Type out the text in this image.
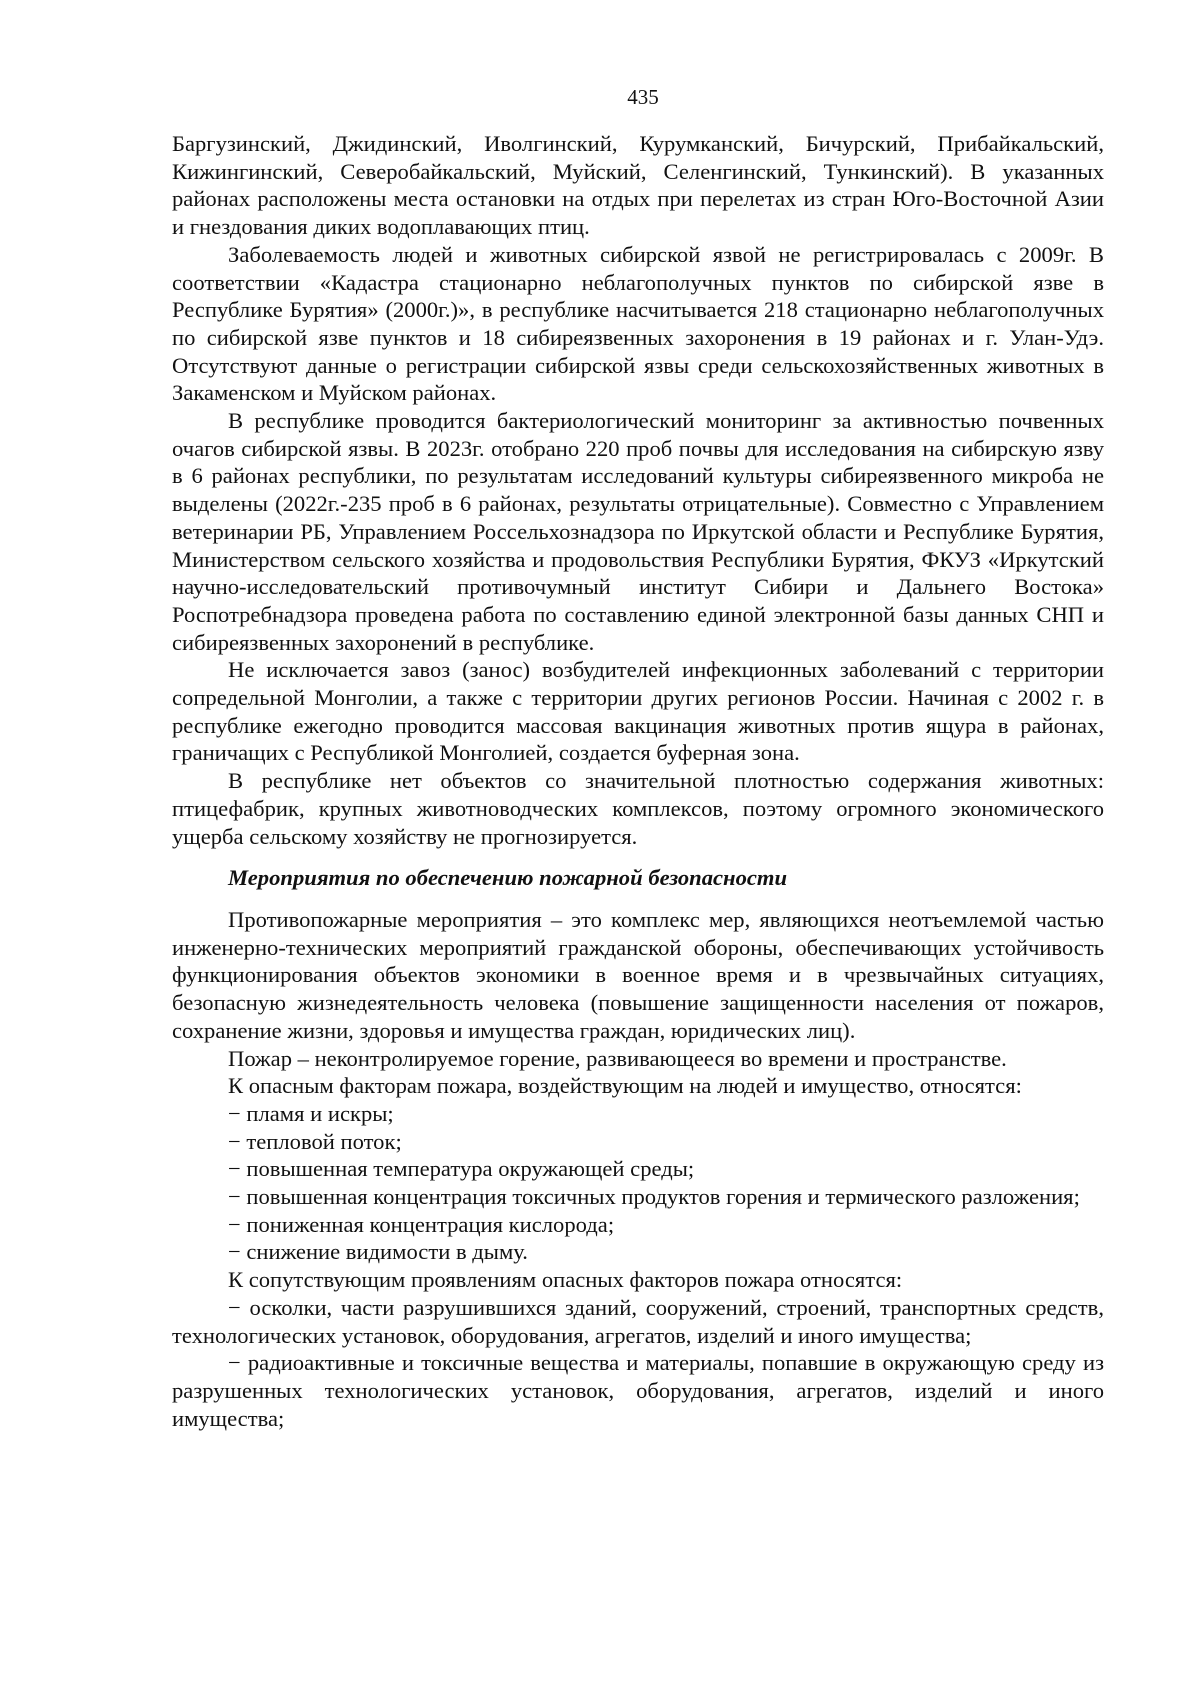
435

Баргузинский, Джидинский, Иволгинский, Курумканский, Бичурский, Прибайкальский, Кижингинский, Северобайкальский, Муйский, Селенгинский, Тункинский). В указанных районах расположены места остановки на отдых при перелетах из стран Юго-Восточной Азии и гнездования диких водоплавающих птиц.

Заболеваемость людей и животных сибирской язвой не регистрировалась с 2009г. В соответствии «Кадастра стационарно неблагополучных пунктов по сибирской язве в Республике Бурятия» (2000г.)», в республике насчитывается 218 стационарно неблагополучных по сибирской язве пунктов и 18 сибиреязвенных захоронения в 19 районах и г. Улан-Удэ. Отсутствуют данные о регистрации сибирской язвы среди сельскохозяйственных животных в Закаменском и Муйском районах.

В республике проводится бактериологический мониторинг за активностью почвенных очагов сибирской язвы. В 2023г. отобрано 220 проб почвы для исследования на сибирскую язву в 6 районах республики, по результатам исследований культуры сибиреязвенного микроба не выделены (2022г.-235 проб в 6 районах, результаты отрицательные). Совместно с Управлением ветеринарии РБ, Управлением Россельхознадзора по Иркутской области и Республике Бурятия, Министерством сельского хозяйства и продовольствия Республики Бурятия, ФКУЗ «Иркутский научно-исследовательский противочумный институт Сибири и Дальнего Востока» Роспотребнадзора проведена работа по составлению единой электронной базы данных СНП и сибиреязвенных захоронений в республике.

Не исключается завоз (занос) возбудителей инфекционных заболеваний с территории сопредельной Монголии, а также с территории других регионов России. Начиная с 2002 г. в республике ежегодно проводится массовая вакцинация животных против ящура в районах, граничащих с Республикой Монголией, создается буферная зона.

В республике нет объектов со значительной плотностью содержания животных: птицефабрик, крупных животноводческих комплексов, поэтому огромного экономического ущерба сельскому хозяйству не прогнозируется.

Мероприятия по обеспечению пожарной безопасности

Противопожарные мероприятия – это комплекс мер, являющихся неотъемлемой частью инженерно-технических мероприятий гражданской обороны, обеспечивающих устойчивость функционирования объектов экономики в военное время и в чрезвычайных ситуациях, безопасную жизнедеятельность человека (повышение защищенности населения от пожаров, сохранение жизни, здоровья и имущества граждан, юридических лиц).

Пожар – неконтролируемое горение, развивающееся во времени и пространстве.

К опасным факторам пожара, воздействующим на людей и имущество, относятся:

− пламя и искры;

− тепловой поток;

− повышенная температура окружающей среды;

− повышенная концентрация токсичных продуктов горения и термического разложения;

− пониженная концентрация кислорода;

− снижение видимости в дыму.

К сопутствующим проявлениям опасных факторов пожара относятся:

− осколки, части разрушившихся зданий, сооружений, строений, транспортных средств, технологических установок, оборудования, агрегатов, изделий и иного имущества;

− радиоактивные и токсичные вещества и материалы, попавшие в окружающую среду из разрушенных технологических установок, оборудования, агрегатов, изделий и иного имущества;
